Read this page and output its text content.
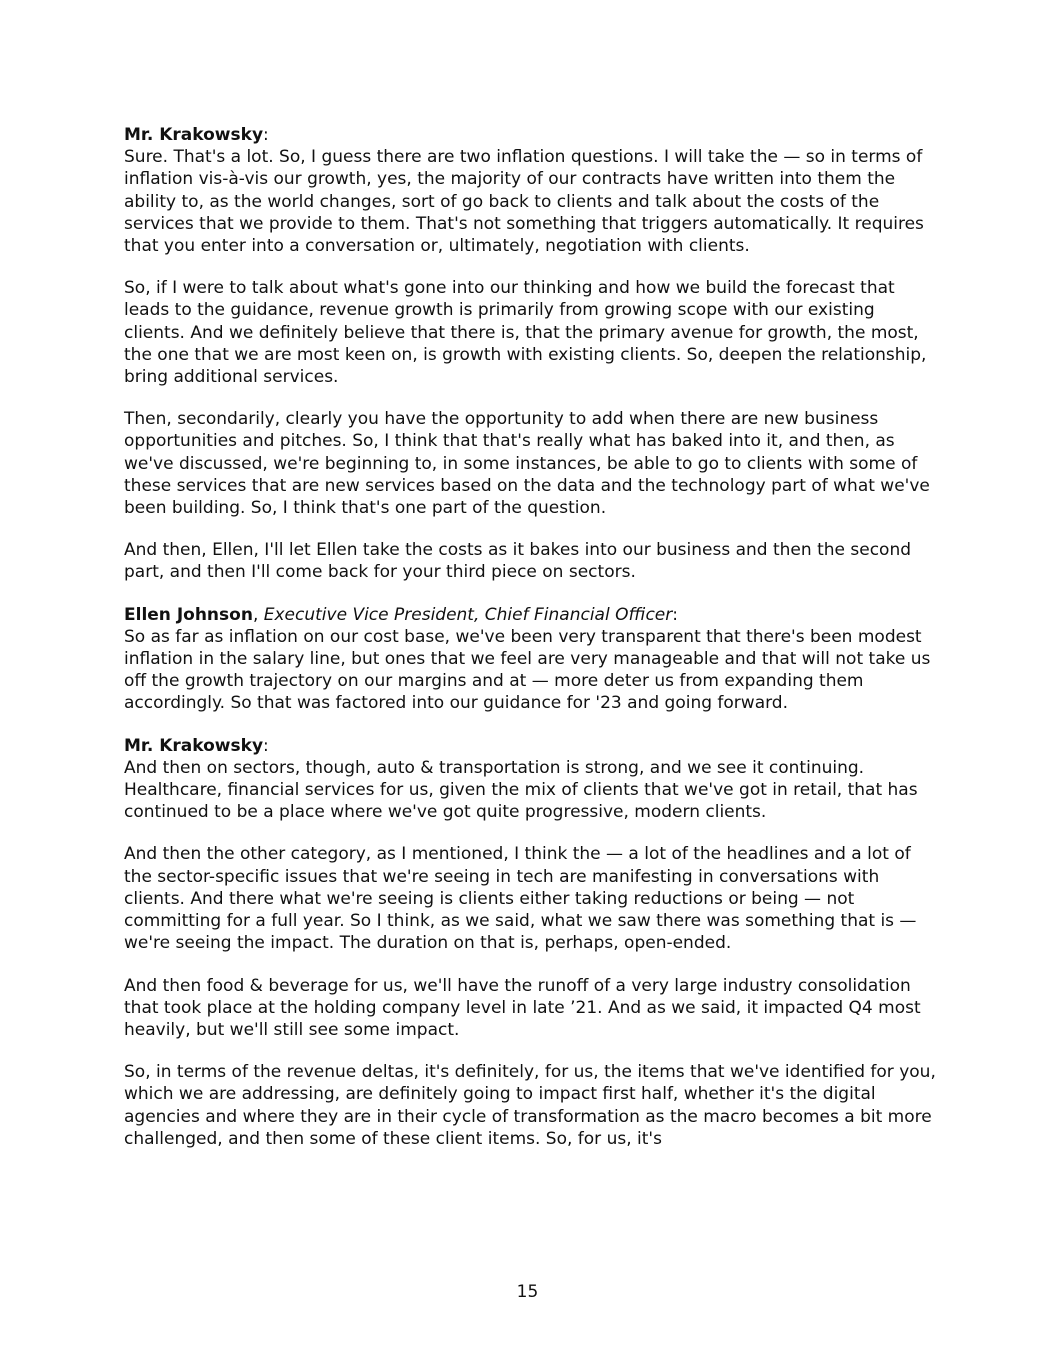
Mr. Krakowsky:

Sure. That's a lot. So, I guess there are two inflation questions. I will take the — so in terms of inflation vis-à-vis our growth, yes, the majority of our contracts have written into them the ability to, as the world changes, sort of go back to clients and talk about the costs of the services that we provide to them. That's not something that triggers automatically. It requires that you enter into a conversation or, ultimately, negotiation with clients.

So, if I were to talk about what's gone into our thinking and how we build the forecast that leads to the guidance, revenue growth is primarily from growing scope with our existing clients. And we definitely believe that there is, that the primary avenue for growth, the most, the one that we are most keen on, is growth with existing clients. So, deepen the relationship, bring additional services.

Then, secondarily, clearly you have the opportunity to add when there are new business opportunities and pitches. So, I think that that's really what has baked into it, and then, as we've discussed, we're beginning to, in some instances, be able to go to clients with some of these services that are new services based on the data and the technology part of what we've been building. So, I think that's one part of the question.

And then, Ellen, I'll let Ellen take the costs as it bakes into our business and then the second part, and then I'll come back for your third piece on sectors.

Ellen Johnson, Executive Vice President, Chief Financial Officer:

So as far as inflation on our cost base, we've been very transparent that there's been modest inflation in the salary line, but ones that we feel are very manageable and that will not take us off the growth trajectory on our margins and at — more deter us from expanding them accordingly. So that was factored into our guidance for '23 and going forward.

Mr. Krakowsky:

And then on sectors, though, auto & transportation is strong, and we see it continuing. Healthcare, financial services for us, given the mix of clients that we've got in retail, that has continued to be a place where we've got quite progressive, modern clients.

And then the other category, as I mentioned, I think the — a lot of the headlines and a lot of the sector-specific issues that we're seeing in tech are manifesting in conversations with clients. And there what we're seeing is clients either taking reductions or being — not committing for a full year. So I think, as we said, what we saw there was something that is — we're seeing the impact. The duration on that is, perhaps, open-ended.

And then food & beverage for us, we'll have the runoff of a very large industry consolidation that took place at the holding company level in late ’21. And as we said, it impacted Q4 most heavily, but we'll still see some impact.

So, in terms of the revenue deltas, it's definitely, for us, the items that we've identified for you, which we are addressing, are definitely going to impact first half, whether it's the digital agencies and where they are in their cycle of transformation as the macro becomes a bit more challenged, and then some of these client items. So, for us, it's

15
